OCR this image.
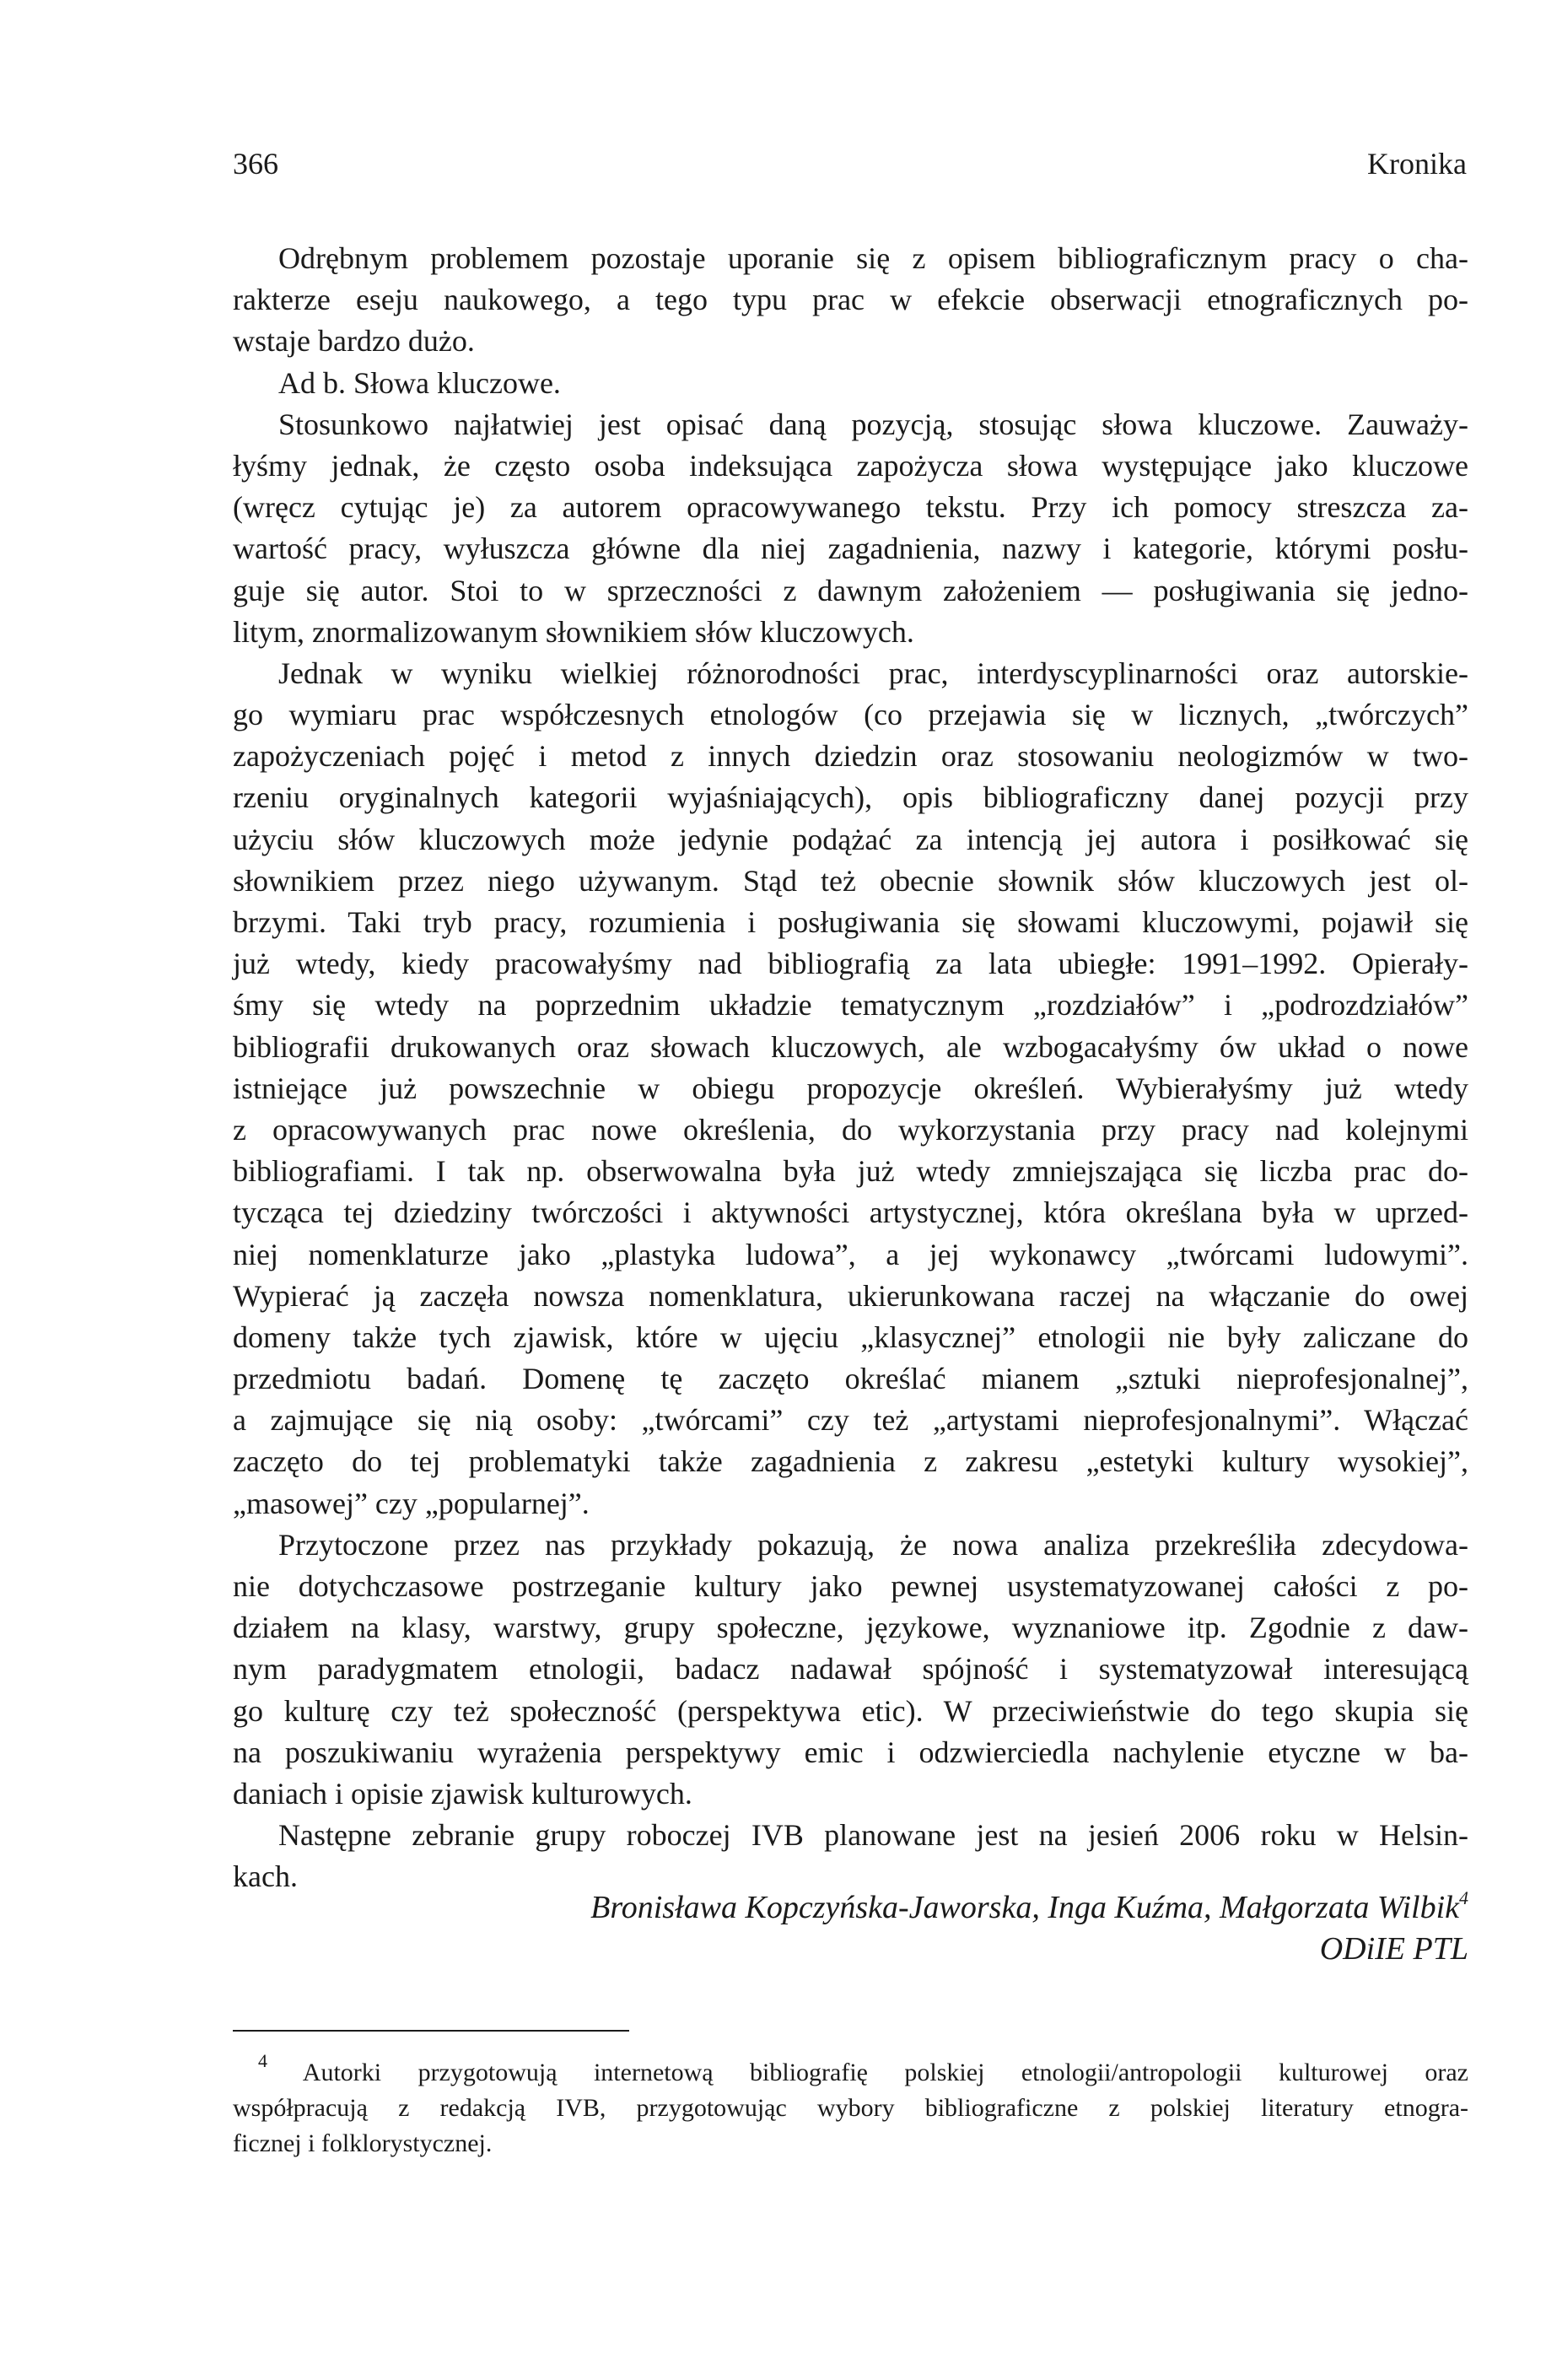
366	Kronika
Odrębnym problemem pozostaje uporanie się z opisem bibliograficznym pracy o cha-
rakterze eseju naukowego, a tego typu prac w efekcie obserwacji etnograficznych po-
wstaje bardzo dużo.
Ad b. Słowa kluczowe.
Stosunkowo najłatwiej jest opisać daną pozycją, stosując słowa kluczowe. Zauważy-
łyśmy jednak, że często osoba indeksująca zapożycza słowa występujące jako kluczowe
(wręcz cytując je) za autorem opracowywanego tekstu. Przy ich pomocy streszcza za-
wartość pracy, wyłuszcza główne dla niej zagadnienia, nazwy i kategorie, którymi posłu-
guje się autor. Stoi to w sprzeczności z dawnym założeniem — posługiwania się jedno-
litym, znormalizowanym słownikiem słów kluczowych.
Jednak w wyniku wielkiej różnorodności prac, interdyscyplinarności oraz autorskie-
go wymiaru prac współczesnych etnologów (co przejawia się w licznych, „twórczych”
zapożyczeniach pojęć i metod z innych dziedzin oraz stosowaniu neologizmów w two-
rzeniu oryginalnych kategorii wyjaśniających), opis bibliograficzny danej pozycji przy
użyciu słów kluczowych może jedynie podążać za intencją jej autora i posiłkować się
słownikiem przez niego używanym. Stąd też obecnie słownik słów kluczowych jest ol-
brzymi. Taki tryb pracy, rozumienia i posługiwania się słowami kluczowymi, pojawił się
już wtedy, kiedy pracowałyśmy nad bibliografią za lata ubiegłe: 1991–1992. Opierały-
śmy się wtedy na poprzednim układzie tematycznym „rozdziałów” i „podrozdziałów”
bibliografii drukowanych oraz słowach kluczowych, ale wzbogacałyśmy ów układ o nowe
istniejące już powszechnie w obiegu propozycje określeń. Wybierałyśmy już wtedy
z opracowywanych prac nowe określenia, do wykorzystania przy pracy nad kolejnymi
bibliografiami. I tak np. obserwowalna była już wtedy zmniejszająca się liczba prac do-
tycząca tej dziedziny twórczości i aktywności artystycznej, która określana była w uprzed-
niej nomenklaturze jako „plastyka ludowa”, a jej wykonawcy „twórcami ludowymi”.
Wypierać ją zaczęła nowsza nomenklatura, ukierunkowana raczej na włączanie do owej
domeny także tych zjawisk, które w ujęciu „klasycznej” etnologii nie były zaliczane do
przedmiotu badań. Domenę tę zaczęto określać mianem „sztuki nieprofesjonalnej”,
a zajmujące się nią osoby: „twórcami” czy też „artystami nieprofesjonalnymi”. Włączać
zaczęto do tej problematyki także zagadnienia z zakresu „estetyki kultury wysokiej”,
„masowej” czy „popularnej”.
Przytoczone przez nas przykłady pokazują, że nowa analiza przekreśliła zdecydowa-
nie dotychczasowe postrzeganie kultury jako pewnej usystematyzowanej całości z po-
działem na klasy, warstwy, grupy społeczne, językowe, wyznaniowe itp. Zgodnie z daw-
nym paradygmatem etnologii, badacz nadawał spójność i systematyzował interesującą
go kulturę czy też społeczność (perspektywa etic). W przeciwieństwie do tego skupia się
na poszukiwaniu wyrażenia perspektywy emic i odzwierciedla nachylenie etyczne w ba-
daniach i opisie zjawisk kulturowych.
Następne zebranie grupy roboczej IVB planowane jest na jesień 2006 roku w Helsin-
kach.
Bronisława Kopczyńska-Jaworska, Inga Kuźma, Małgorzata Wilbik$^4$
ODiIE PTL
$^4$ Autorki przygotowują internetową bibliografię polskiej etnologii/antropologii kulturowej oraz
współpracują z redakcją IVB, przygotowując wybory bibliograficzne z polskiej literatury etnogra-
ficznej i folklorystycznej.
